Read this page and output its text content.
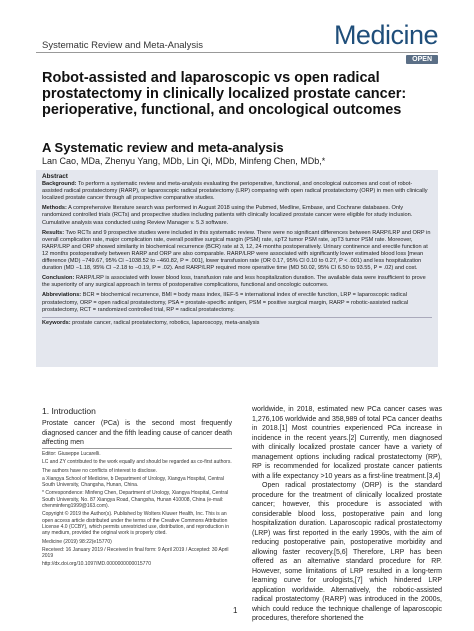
Systematic Review and Meta-Analysis	Medicine
OPEN
Robot-assisted and laparoscopic vs open radical prostatectomy in clinically localized prostate cancer: perioperative, functional, and oncological outcomes
A Systematic review and meta-analysis
Lan Cao, MDa, Zhenyu Yang, MDb, Lin Qi, MDb, Minfeng Chen, MDb,*
Abstract

Background: To perform a systematic review and meta-analysis evaluating the perioperative, functional, and oncological outcomes and cost of robot-assisted radical prostatectomy (RARP), or laparoscopic radical prostatectomy (LRP) comparing with open radical prostatectomy (ORP) in men with clinically localized prostate cancer through all prospective comparative studies.

Methods: A comprehensive literature search was performed in August 2018 using the Pubmed, Medline, Embase, and Cochrane databases. Only randomized controlled trials (RCTs) and prospective studies including patients with clinically localized prostate cancer were eligible for study inclusion. Cumulative analysis was conducted using Review Manager v. 5.3 software.

Results: Two RCTs and 9 prospective studies were included in this systematic review. There were no significant differences between RARP/LRP and ORP in overall complication rate, major complication rate, overall positive surgical margin (PSM) rate, ≤pT2 tumor PSM rate, ≥pT3 tumor PSM rate. Moreover, RARP/LRP and ORP showed similarity in biochemical recurrence (BCR) rate at 3, 12, 24 months postoperatively. Urinary continence and erectile function at 12 months postoperatively between RARP and ORP are also comparable. RARP/LRP were associated with significantly lower estimated blood loss [mean difference (MD) −749.67, 95% CI −1038.52 to −460.82, P = .001], lower transfusion rate (OR 0.17, 95% CI 0.10 to 0.27, P < .001) and less hospitalization duration (MD −1.18, 95% CI −2.18 to −0.19, P = .02). And RARP/LRP required more operative time (MD 50.02, 95% CI 6.50 to 93.55, P = .02) and cost.

Conclusion: RARP/LRP is associated with lower blood loss, transfusion rate and less hospitalization duration. The available data were insufficient to prove the superiority of any surgical approach in terms of postoperative complications, functional and oncologic outcomes.

Abbreviations: BCR = biochemical recurrence, BMI = body mass index, IIEF-5 = international index of erectile function, LRP = laparoscopic radical prostatectomy, ORP = open radical prostatectomy, PSA = prostate-specific antigen, PSM = positive surgical margin, RARP = robotic-assisted radical prostatectomy, RCT = randomized controlled trial, RP = radical prostatectomy.

Keywords: prostate cancer, radical prostatectomy, robotics, laparoscopy, meta-analysis

1. Introduction
Prostate cancer (PCa) is the second most frequently diagnosed cancer and the fifth leading cause of cancer death affecting men

Editor: Giuseppe Lucarelli.

LC and ZY contributed to the work equally and should be regarded as co-first authors.

The authors have no conflicts of interest to disclose.

a Xiangya School of Medicine, b Department of Urology, Xiangya Hospital, Central South University, Changsha, Hunan, China.

* Correspondence: Minfeng Chen, Department of Urology, Xiangya Hospital, Central South University, No. 87 Xiangya Road, Changsha, Hunan 410008, China (e-mail: chenminfeng1999@163.com).

Copyright © 2019 the Author(s). Published by Wolters Kluwer Health, Inc. This is an open access article distributed under the terms of the Creative Commons Attribution License 4.0 (CCBY), which permits unrestricted use, distribution, and reproduction in any medium, provided the original work is properly cited.

Medicine (2019) 98:22(e15770)

Received: 16 January 2019 / Received in final form: 9 April 2019 / Accepted: 30 April 2019

http://dx.doi.org/10.1097/MD.0000000000015770

worldwide, in 2018, estimated new PCa cancer cases was 1,276,106 worldwide and 358,989 of total PCa cancer deaths in 2018.[1] Most countries experienced PCa increase in incidence in the recent years.[2] Currently, men diagnosed with clinically localized prostate cancer have a variety of management options including radical prostatectomy (RP), RP is recommended for localized prostate cancer patients with a life expectancy >10 years as a first-line treatment.[3,4]
Open radical prostatectomy (ORP) is the standard procedure for the treatment of clinically localized prostate cancer; however, this procedure is associated with considerable blood loss, postoperative pain and long hospitalization duration. Laparoscopic radical prostatectomy (LRP) was first reported in the early 1990s, with the aim of reducing postoperative pain, postoperative morbidity and allowing faster recovery.[5,6] Therefore, LRP has been offered as an alternative standard procedure for RP. However, some limitations of LRP resulted in a long-term learning curve for urologists,[7] which hindered LRP application worldwide. Alternatively, the robotic-assisted radical prostatectomy (RARP) was introduced in the 2000s, which could reduce the technique challenge of laparoscopic procedures, therefore shortened the
1
